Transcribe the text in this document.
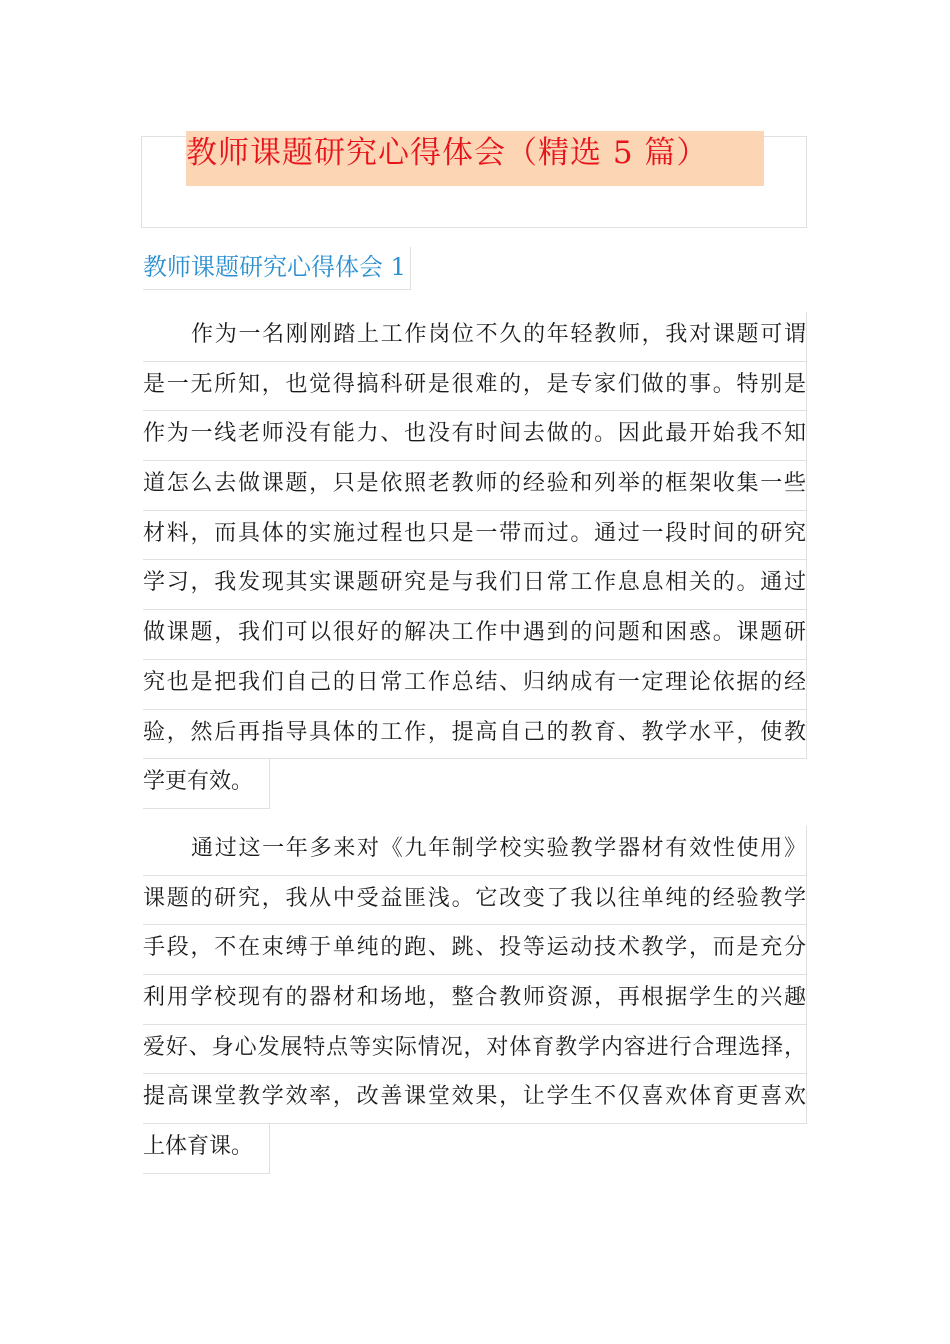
教师课题研究心得体会（精选 5 篇）
教师课题研究心得体会 1
作为一名刚刚踏上工作岗位不久的年轻教师，我对课题可谓
是一无所知，也觉得搞科研是很难的，是专家们做的事。特别是
作为一线老师没有能力、也没有时间去做的。因此最开始我不知
道怎么去做课题，只是依照老教师的经验和列举的框架收集一些
材料，而具体的实施过程也只是一带而过。通过一段时间的研究
学习，我发现其实课题研究是与我们日常工作息息相关的。通过
做课题，我们可以很好的解决工作中遇到的问题和困惑。课题研
究也是把我们自己的日常工作总结、归纳成有一定理论依据的经
验，然后再指导具体的工作，提高自己的教育、教学水平，使教
学更有效。
通过这一年多来对《九年制学校实验教学器材有效性使用》
课题的研究，我从中受益匪浅。它改变了我以往单纯的经验教学
手段，不在束缚于单纯的跑、跳、投等运动技术教学，而是充分
利用学校现有的器材和场地，整合教师资源，再根据学生的兴趣
爱好、身心发展特点等实际情况，对体育教学内容进行合理选择，
提高课堂教学效率，改善课堂效果，让学生不仅喜欢体育更喜欢
上体育课。
